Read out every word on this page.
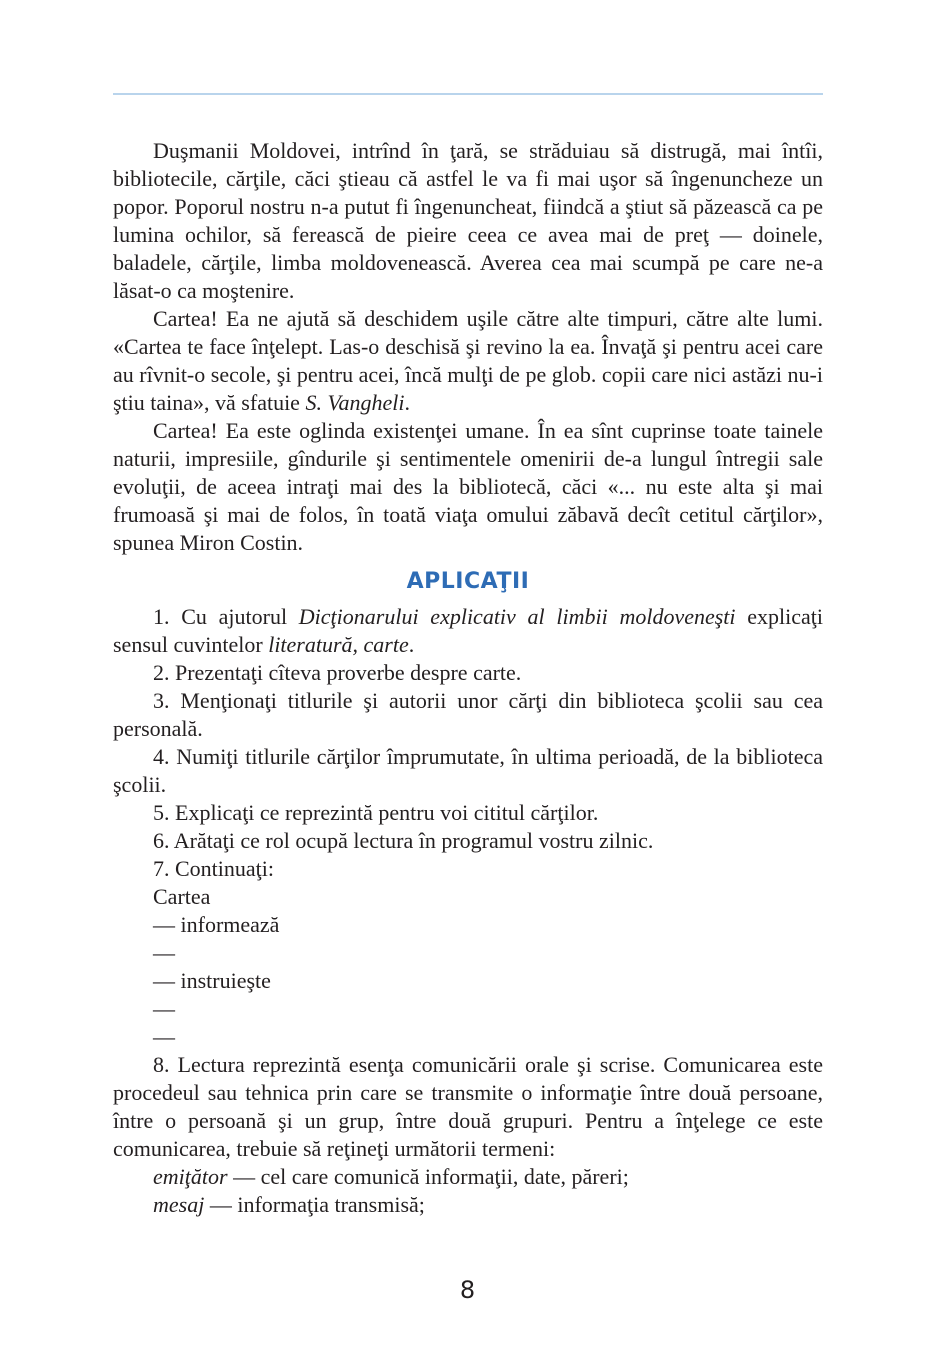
Duşmanii Moldovei, intrînd în ţară, se străduiau să distrugă, mai întîi, bibliotecile, cărţile, căci ştieau că astfel le va fi mai uşor să îngenuncheze un popor. Poporul nostru n-a putut fi îngenuncheat, fiindcă a ştiut să păzească ca pe lumina ochilor, să ferească de pieire ceea ce avea mai de preţ — doinele, baladele, cărţile, limba moldovenească. Averea cea mai scumpă pe care ne-a lăsat-o ca moştenire.

Cartea! Ea ne ajută să deschidem uşile către alte timpuri, către alte lumi. «Cartea te face înţelept. Las-o deschisă şi revino la ea. Învaţă şi pentru acei care au rîvnit-o secole, şi pentru acei, încă mulţi de pe glob. copii care nici astăzi nu-i ştiu taina», vă sfatuie S. Vangheli.

Cartea! Ea este oglinda existenţei umane. În ea sînt cuprinse toate tainele naturii, impresiile, gîndurile şi sentimentele omenirii de-a lungul întregii sale evoluţii, de aceea intraţi mai des la bibliotecă, căci «... nu este alta şi mai frumoasă şi mai de folos, în toată viaţa omului zăbavă decît cetitul cărţilor», spunea Miron Costin.

APLICAŢII

1. Cu ajutorul Dicţionarului explicativ al limbii moldoveneşti explicaţi sensul cuvintelor literatură, carte.

2. Prezentaţi cîteva proverbe despre carte.

3. Menţionaţi titlurile şi autorii unor cărţi din biblioteca şcolii sau cea personală.

4. Numiţi titlurile cărţilor împrumutate, în ultima perioadă, de la biblioteca şcolii.

5. Explicaţi ce reprezintă pentru voi cititul cărţilor.

6. Arătaţi ce rol ocupă lectura în programul vostru zilnic.

7. Continuaţi:

Cartea
— informează
—
— instruieşte
—
—

8. Lectura reprezintă esenţa comunicării orale şi scrise. Comunicarea este procedeul sau tehnica prin care se transmite o informaţie între două persoane, între o persoană şi un grup, între două grupuri. Pentru a înţelege ce este comunicarea, trebuie să reţineţi următorii termeni:

emiţător — cel care comunică informaţii, date, păreri;
mesaj — informaţia transmisă;
8
